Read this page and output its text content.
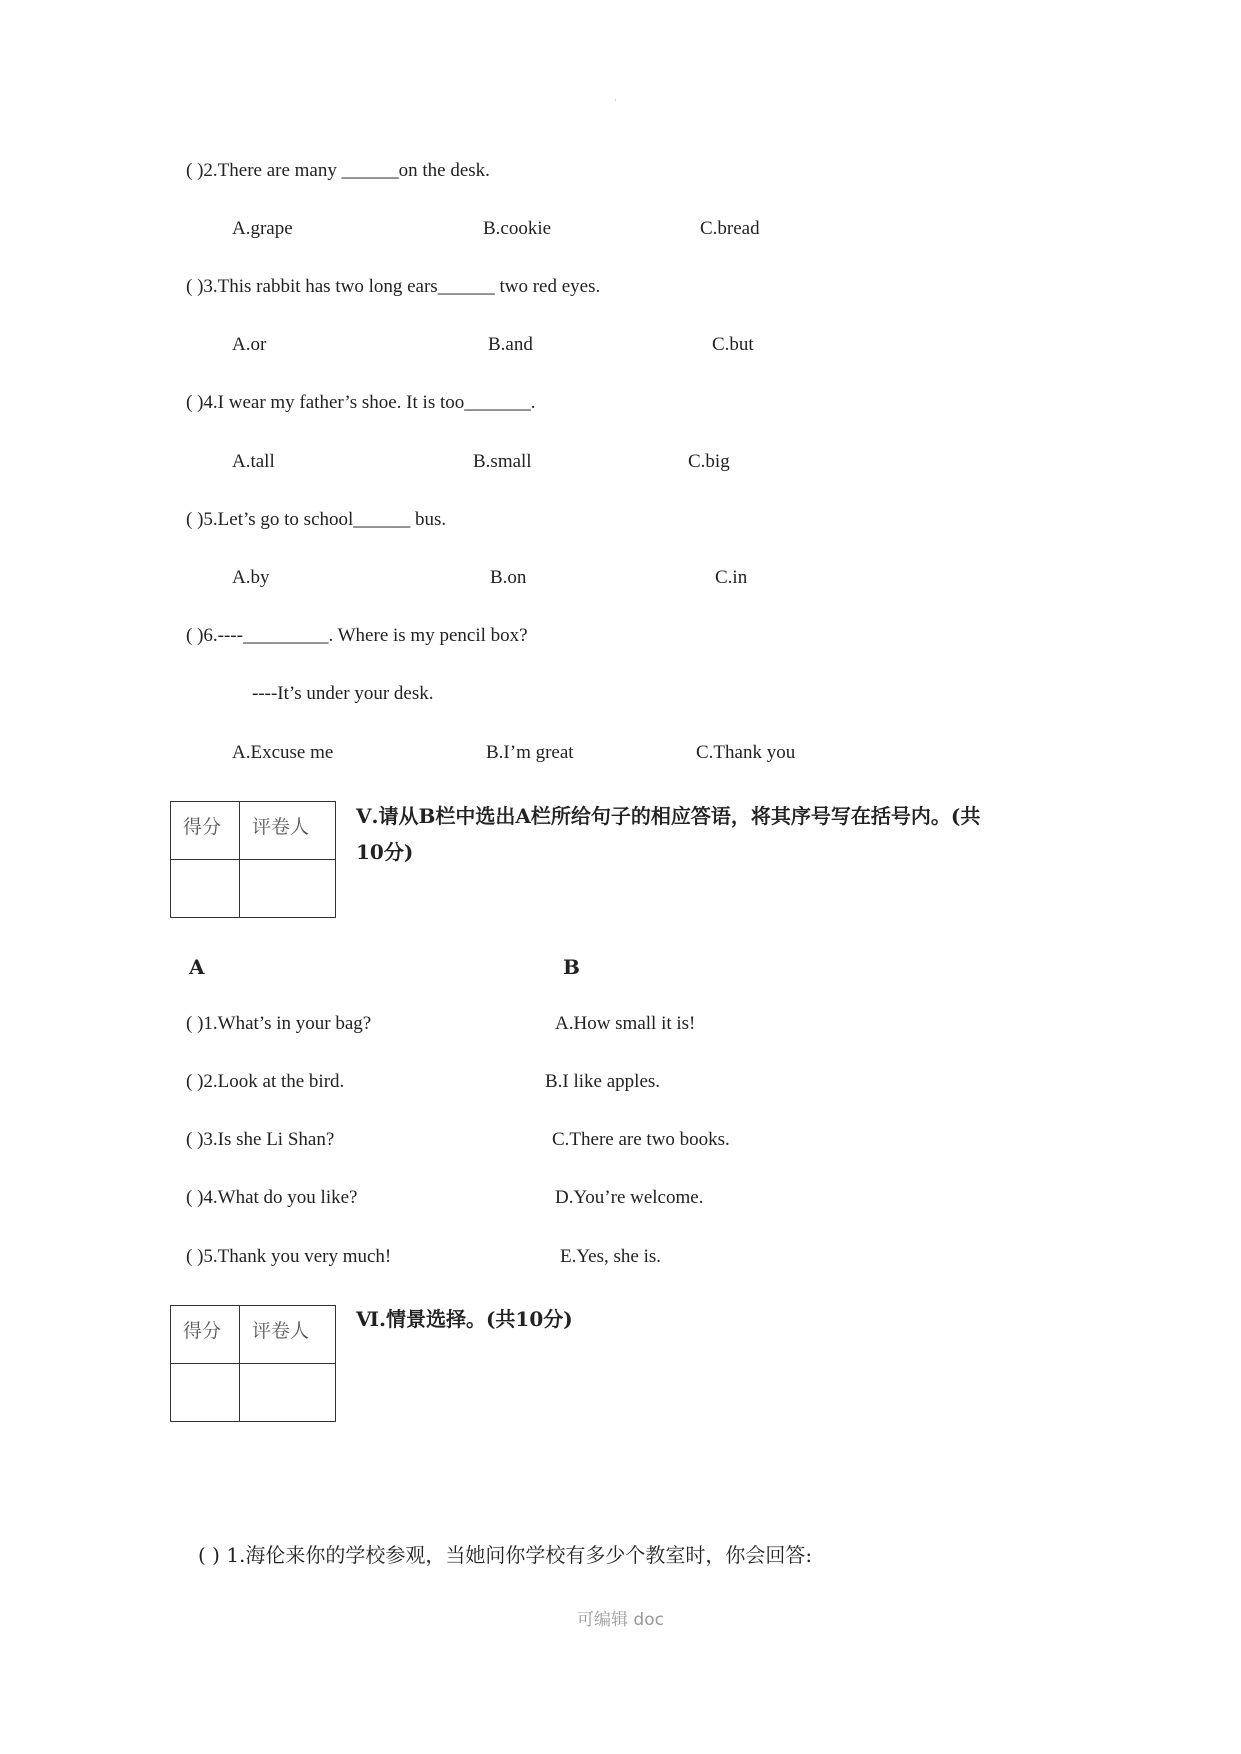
·
( )2.There are many ______on the desk.
A.grape	B.cookie	C.bread
( )3.This rabbit has two long ears______ two red eyes.
A.or	B.and	C.but
( )4.I wear my father’s shoe. It is too_______.
A.tall	B.small	C.big
( )5.Let’s go to school______ bus.
A.by	B.on	C.in
( )6.----_________. Where is my pencil box?
----It’s under your desk.
A.Excuse me	B.I’m great	C.Thank you
得分	评卷人

		Ⅴ.请从B栏中选出A栏所给句子的相应答语，将其序号写在括号内。(共
10分)
A	B
( )1.What’s in your bag?	A.How small it is!
( )2.Look at the bird.	B.I like apples.
( )3.Is she Li Shan?	C.There are two books.
( )4.What do you like?	D.You’re welcome.
( )5.Thank you very much!	E.Yes, she is.
得分	评卷人

		Ⅵ.情景选择。(共10分)
( ) 1.海伦来你的学校参观，当她问你学校有多少个教室时，你会回答:
可编辑 doc
